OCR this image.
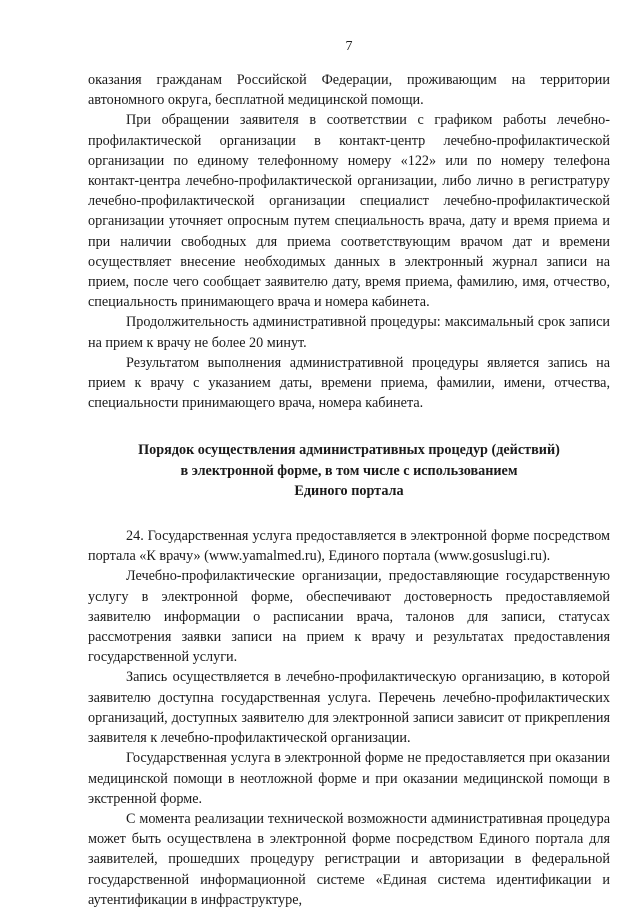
7

оказания гражданам Российской Федерации, проживающим на территории автономного округа, бесплатной медицинской помощи.

При обращении заявителя в соответствии с графиком работы лечебно-профилактической организации в контакт-центр лечебно-профилактической организации по единому телефонному номеру «122» или по номеру телефона контакт-центра лечебно-профилактической организации, либо лично в регистратуру лечебно-профилактической организации специалист лечебно-профилактической организации уточняет опросным путем специальность врача, дату и время приема и при наличии свободных для приема соответствующим врачом дат и времени осуществляет внесение необходимых данных в электронный журнал записи на прием, после чего сообщает заявителю дату, время приема, фамилию, имя, отчество, специальность принимающего врача и номера кабинета.

Продолжительность административной процедуры: максимальный срок записи на прием к врачу не более 20 минут.

Результатом выполнения административной процедуры является запись на прием к врачу с указанием даты, времени приема, фамилии, имени, отчества, специальности принимающего врача, номера кабинета.

Порядок осуществления административных процедур (действий)
в электронной форме, в том числе с использованием
Единого портала

24. Государственная услуга предоставляется в электронной форме посредством портала «К врачу» (www.yamalmed.ru), Единого портала (www.gosuslugi.ru).

Лечебно-профилактические организации, предоставляющие государственную услугу в электронной форме, обеспечивают достоверность предоставляемой заявителю информации о расписании врача, талонов для записи, статусах рассмотрения заявки записи на прием к врачу и результатах предоставления государственной услуги.

Запись осуществляется в лечебно-профилактическую организацию, в которой заявителю доступна государственная услуга. Перечень лечебно-профилактических организаций, доступных заявителю для электронной записи зависит от прикрепления заявителя к лечебно-профилактической организации.

Государственная услуга в электронной форме не предоставляется при оказании медицинской помощи в неотложной форме и при оказании медицинской помощи в экстренной форме.

С момента реализации технической возможности административная процедура может быть осуществлена в электронной форме посредством Единого портала для заявителей, прошедших процедуру регистрации и авторизации в федеральной государственной информационной системе «Единая система идентификации и аутентификации в инфраструктуре,
